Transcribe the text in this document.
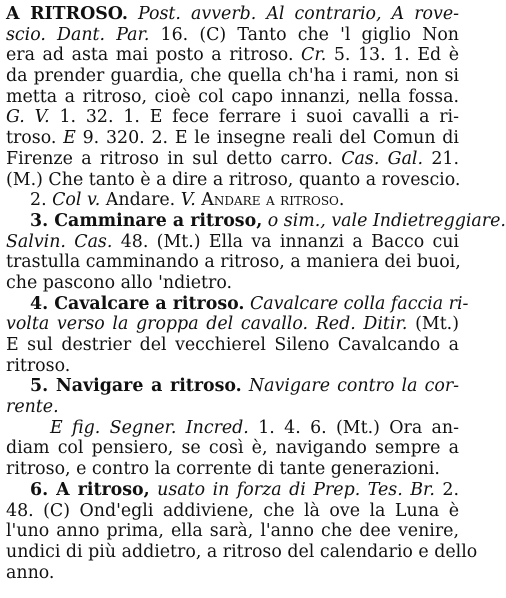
A RITROSO. Post. avverb. Al contrario, A rove-
scio. Dant. Par. 16. (C) Tanto che 'l giglio Non
era ad asta mai posto a ritroso. Cr. 5. 13. 1. Ed è
da prender guardia, che quella ch'ha i rami, non si
metta a ritroso, cioè col capo innanzi, nella fossa.
G. V. 1. 32. 1. E fece ferrare i suoi cavalli a ri-
troso. E 9. 320. 2. E le insegne reali del Comun di
Firenze a ritroso in sul detto carro. Cas. Gal. 21.
(M.) Che tanto è a dire a ritroso, quanto a rovescio.
2. Col v. Andare. V. Andare a ritroso.
3. Camminare a ritroso, o sim., vale Indietreggiare.
Salvin. Cas. 48. (Mt.) Ella va innanzi a Bacco cui
trastulla camminando a ritroso, a maniera dei buoi,
che pascono allo 'ndietro.
4. Cavalcare a ritroso. Cavalcare colla faccia ri-
volta verso la groppa del cavallo. Red. Ditir. (Mt.)
E sul destrier del vecchierel Sileno Cavalcando a
ritroso.
5. Navigare a ritroso. Navigare contro la cor-
rente.
E fig. Segner. Incred. 1. 4. 6. (Mt.) Ora an-
diam col pensiero, se così è, navigando sempre a
ritroso, e contro la corrente di tante generazioni.
6. A ritroso, usato in forza di Prep. Tes. Br. 2.
48. (C) Ond'egli addiviene, che là ove la Luna è
l'uno anno prima, ella sarà, l'anno che dee venire,
undici di più addietro, a ritroso del calendario e dello
anno.
